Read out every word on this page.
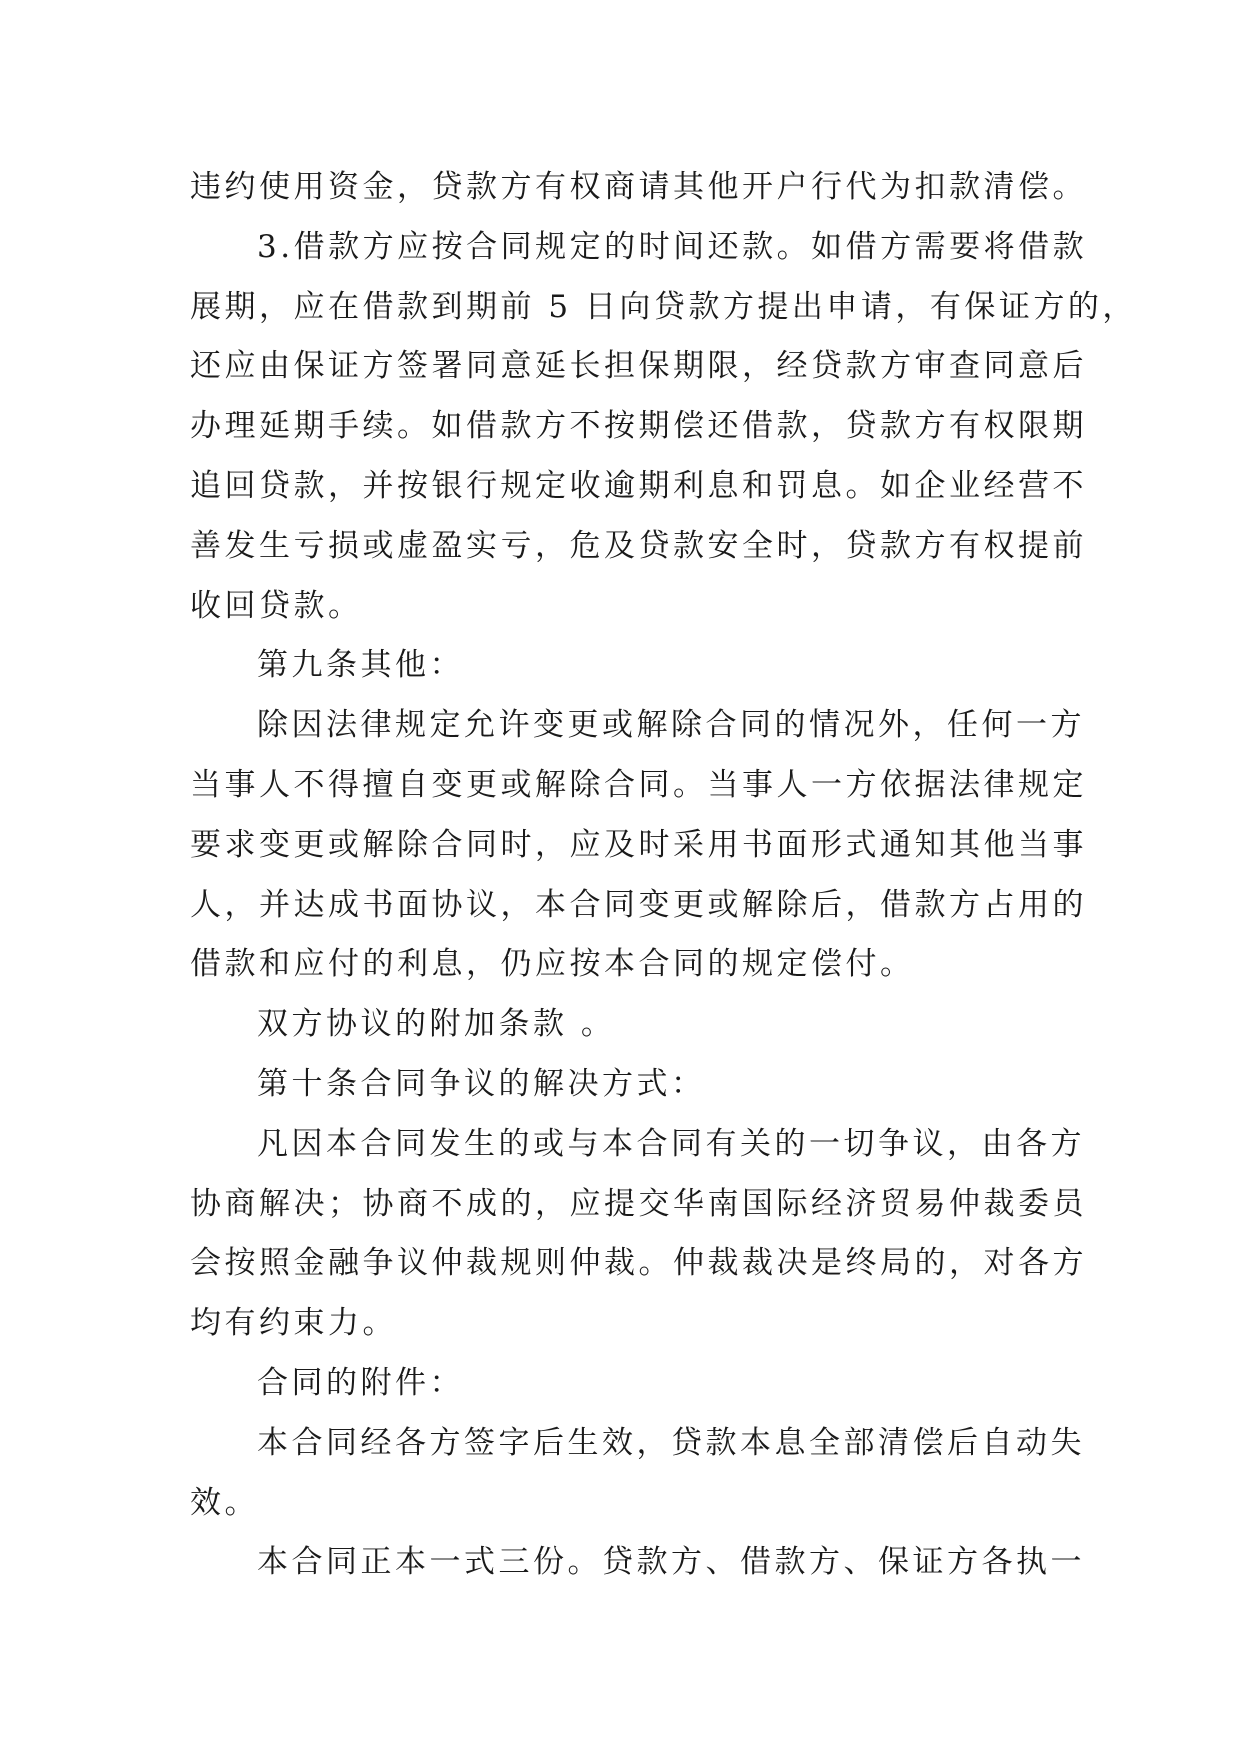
违约使用资金，贷款方有权商请其他开户行代为扣款清偿。
3.借款方应按合同规定的时间还款。如借方需要将借款
展期，应在借款到期前 5 日向贷款方提出申请，有保证方的，
还应由保证方签署同意延长担保期限，经贷款方审查同意后
办理延期手续。如借款方不按期偿还借款，贷款方有权限期
追回贷款，并按银行规定收逾期利息和罚息。如企业经营不
善发生亏损或虚盈实亏，危及贷款安全时，贷款方有权提前
收回贷款。
第九条其他：
除因法律规定允许变更或解除合同的情况外，任何一方
当事人不得擅自变更或解除合同。当事人一方依据法律规定
要求变更或解除合同时，应及时采用书面形式通知其他当事
人，并达成书面协议，本合同变更或解除后，借款方占用的
借款和应付的利息，仍应按本合同的规定偿付。
双方协议的附加条款 。
第十条合同争议的解决方式：
凡因本合同发生的或与本合同有关的一切争议，由各方
协商解决；协商不成的，应提交华南国际经济贸易仲裁委员
会按照金融争议仲裁规则仲裁。仲裁裁决是终局的，对各方
均有约束力。
合同的附件：
本合同经各方签字后生效，贷款本息全部清偿后自动失
效。
本合同正本一式三份。贷款方、借款方、保证方各执一
